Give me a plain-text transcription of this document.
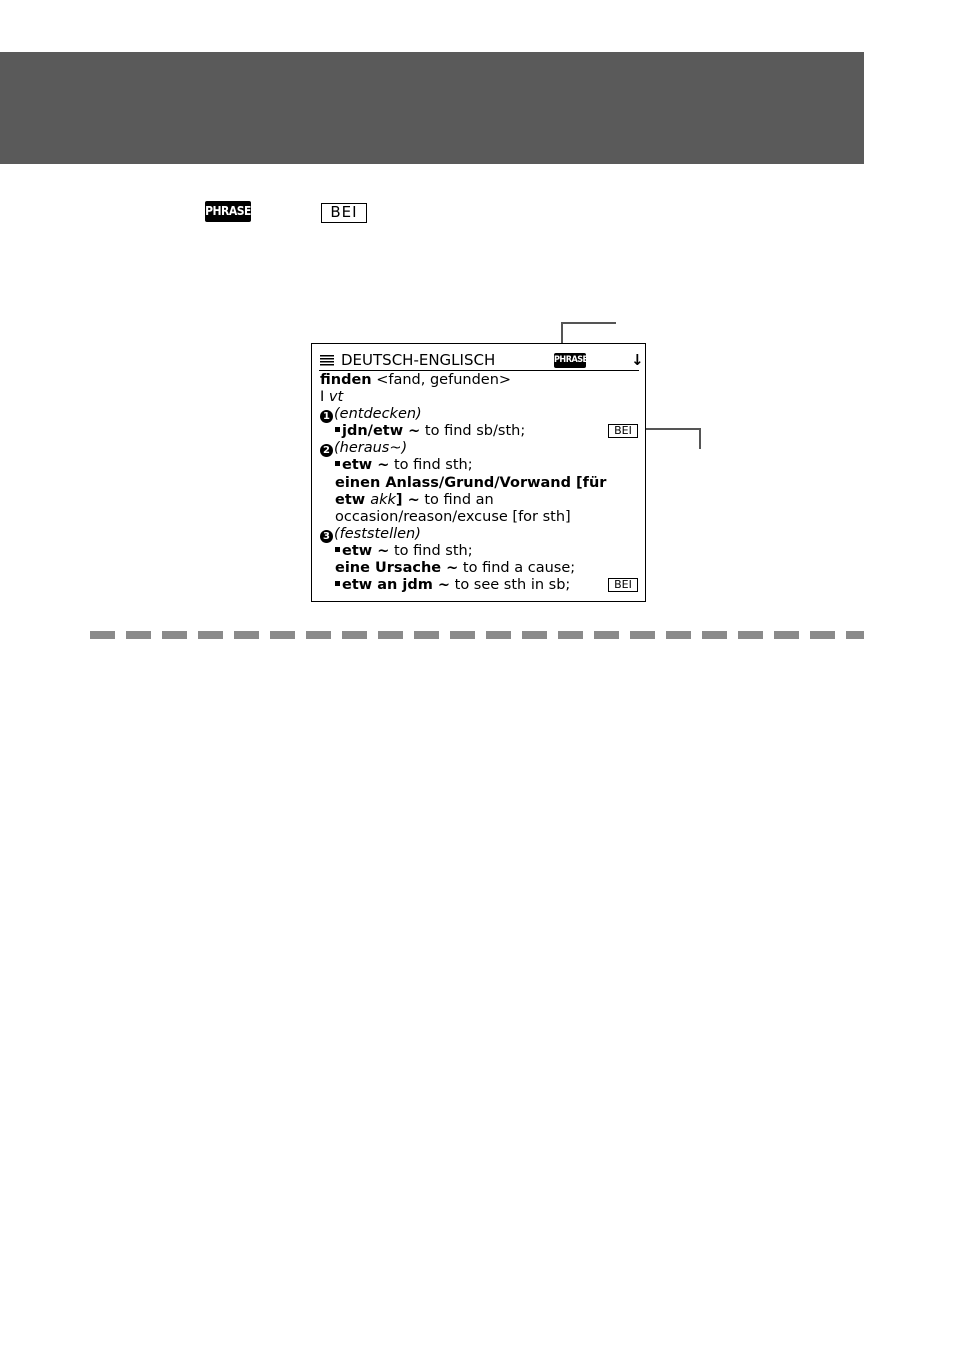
PHRASE	BEI
DEUTSCH-ENGLISCH	PHRASE	↓
finden <fand, gefunden>
I vt
1 (entdecken)
jdn/etw ~ to find sb/sth;
2 (heraus~)
etw ~ to find sth;
einen Anlass/Grund/Vorwand [für
etw akk] ~ to find an
occasion/reason/excuse [for sth]
3 (feststellen)
etw ~ to find sth;
eine Ursache ~ to find a cause;
etw an jdm ~ to see sth in sb;
BEI
BEI
